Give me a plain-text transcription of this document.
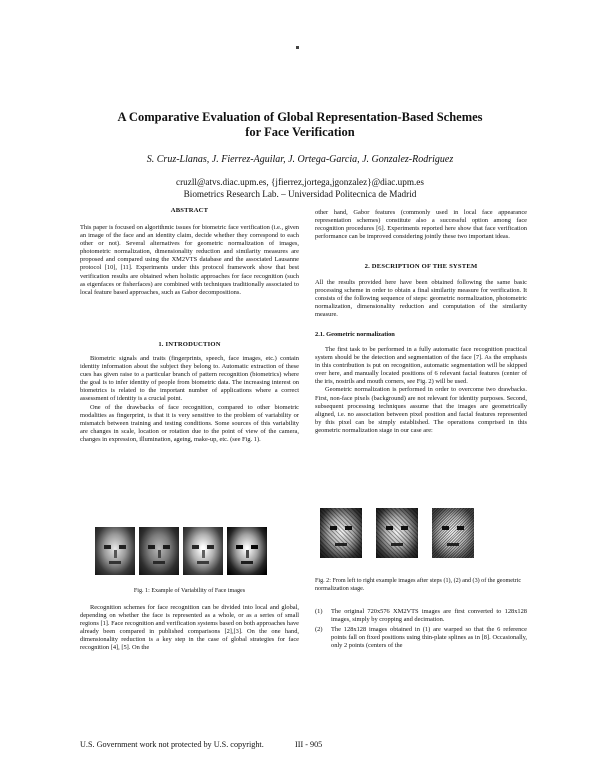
A Comparative Evaluation of Global Representation-Based Schemes
for Face Verification
S. Cruz-Llanas, J. Fierrez-Aguilar, J. Ortega-Garcia, J. Gonzalez-Rodriguez
cruzll@atvs.diac.upm.es, {jfierrez,jortega,jgonzalez}@diac.upm.es
Biometrics Research Lab. – Universidad Politecnica de Madrid
ABSTRACT

This paper is focused on algorithmic issues for biometric face verification (i.e., given an image of the face and an identity claim, decide whether they correspond to each other or not). Several alternatives for geometric normalization of images, photometric normalization, dimensionality reduction and similarity measures are proposed and compared using the XM2VTS database and the associated Lausanne protocol [10], [11]. Experiments under this protocol framework show that best verification results are obtained when holistic approaches for face recognition (such as eigenfaces or fisherfaces) are combined with techniques traditionally associated to local feature based approaches, such as Gabor decompositions.

1. INTRODUCTION

Biometric signals and traits (fingerprints, speech, face images, etc.) contain identity information about the subject they belong to. Automatic extraction of these cues has given raise to a particular branch of pattern recognition (biometrics) where the goal is to infer identity of people from biometric data. The increasing interest on biometrics is related to the important number of applications where a correct assessment of identity is a crucial point.

One of the drawbacks of face recognition, compared to other biometric modalities as fingerprint, is that it is very sensitive to the problem of variability or mismatch between training and testing conditions. Some sources of this variability are changes in scale, location or rotation due to the point of view of the camera, changes in expression, illumination, ageing, make-up, etc. (see Fig. 1).

Fig. 1: Example of Variability of Face images

Recognition schemes for face recognition can be divided into local and global, depending on whether the face is represented as a whole, or as a series of small regions [1]. Face recognition and verification systems based on both approaches have already been compared in published comparisons [2],[3]. On the one hand, dimensionality reduction is a key step in the case of global strategies for face recognition [4], [5]. On the

other hand, Gabor features (commonly used in local face appearance representation schemes) constitute also a successful option among face recognition procedures [6]. Experiments reported here show that face verification performance can be improved considering jointly these two important ideas.

2. DESCRIPTION OF THE SYSTEM

All the results provided here have been obtained following the same basic processing scheme in order to obtain a final similarity measure for verification. It consists of the following sequence of steps: geometric normalization, photometric normalization, dimensionality reduction and computation of the similarity measure.

2.1. Geometric normalization

The first task to be performed in a fully automatic face recognition practical system should be the detection and segmentation of the face [7]. As the emphasis in this contribution is put on recognition, automatic segmentation will be skipped over here, and manually located positions of 6 relevant facial features (center of the iris, nostrils and mouth corners, see Fig. 2) will be used.

Geometric normalization is performed in order to overcome two drawbacks. First, non-face pixels (background) are not relevant for identity purposes. Second, subsequent processing techniques assume that the images are geometrically aligned, i.e. no association between pixel position and facial features represented by this pixel can be simply established. The operations comprised in this geometric normalization stage in our case are:

Fig. 2: From left to right example images after steps (1), (2) and (3) of the geometric normalization stage.
(1)	The original 720x576 XM2VTS images are first converted to 128x128 images, simply by cropping and decimation.
(2)	The 128x128 images obtained in (1) are warped so that the 6 reference points fall on fixed positions using thin-plate splines as in [8]. Occasionally, only 2 points (centers of the
U.S. Government work not protected by U.S. copyright.	III - 905
